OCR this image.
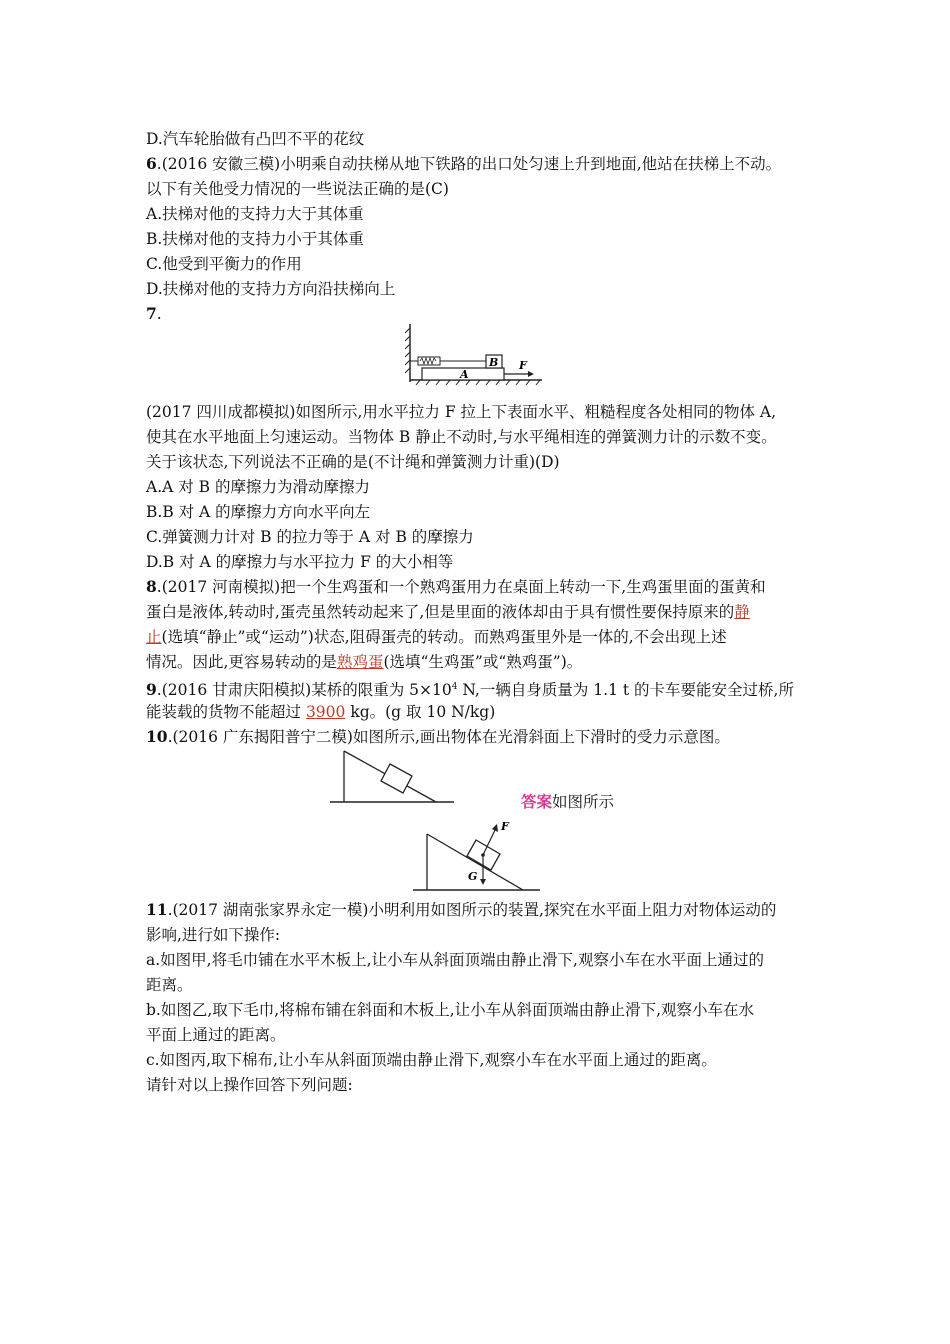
D.汽车轮胎做有凸凹不平的花纹
6.(2016 安徽三模)小明乘自动扶梯从地下铁路的出口处匀速上升到地面,他站在扶梯上不动。
以下有关他受力情况的一些说法正确的是(C)
A.扶梯对他的支持力大于其体重
B.扶梯对他的支持力小于其体重
C.他受到平衡力的作用
D.扶梯对他的支持力方向沿扶梯向上
7.
A
B F
(2017 四川成都模拟)如图所示,用水平拉力 F 拉上下表面水平、粗糙程度各处相同的物体 A,
使其在水平地面上匀速运动。当物体 B 静止不动时,与水平绳相连的弹簧测力计的示数不变。
关于该状态,下列说法不正确的是(不计绳和弹簧测力计重)(D)
A.A 对 B 的摩擦力为滑动摩擦力
B.B 对 A 的摩擦力方向水平向左
C.弹簧测力计对 B 的拉力等于 A 对 B 的摩擦力
D.B 对 A 的摩擦力与水平拉力 F 的大小相等
8.(2017 河南模拟)把一个生鸡蛋和一个熟鸡蛋用力在桌面上转动一下,生鸡蛋里面的蛋黄和
蛋白是液体,转动时,蛋壳虽然转动起来了,但是里面的液体却由于具有惯性要保持原来的静
止(选填“静止”或“运动”)状态,阻碍蛋壳的转动。而熟鸡蛋里外是一体的,不会出现上述
情况。因此,更容易转动的是熟鸡蛋(选填“生鸡蛋”或“熟鸡蛋”)。
9.(2016 甘肃庆阳模拟)某桥的限重为 $5\times 10^4$ N,一辆自身质量为 1.1 t 的卡车要能安全过桥,所
能装载的货物不能超过 3900 kg。(g 取 10 N/kg)
10.(2016 广东揭阳普宁二模)如图所示,画出物体在光滑斜面上下滑时的受力示意图。
答案如图所示
F
G
11.(2017 湖南张家界永定一模)小明利用如图所示的装置,探究在水平面上阻力对物体运动的
影响,进行如下操作:
a.如图甲,将毛巾铺在水平木板上,让小车从斜面顶端由静止滑下,观察小车在水平面上通过的
距离。
b.如图乙,取下毛巾,将棉布铺在斜面和木板上,让小车从斜面顶端由静止滑下,观察小车在水
平面上通过的距离。
c.如图丙,取下棉布,让小车从斜面顶端由静止滑下,观察小车在水平面上通过的距离。
请针对以上操作回答下列问题:
